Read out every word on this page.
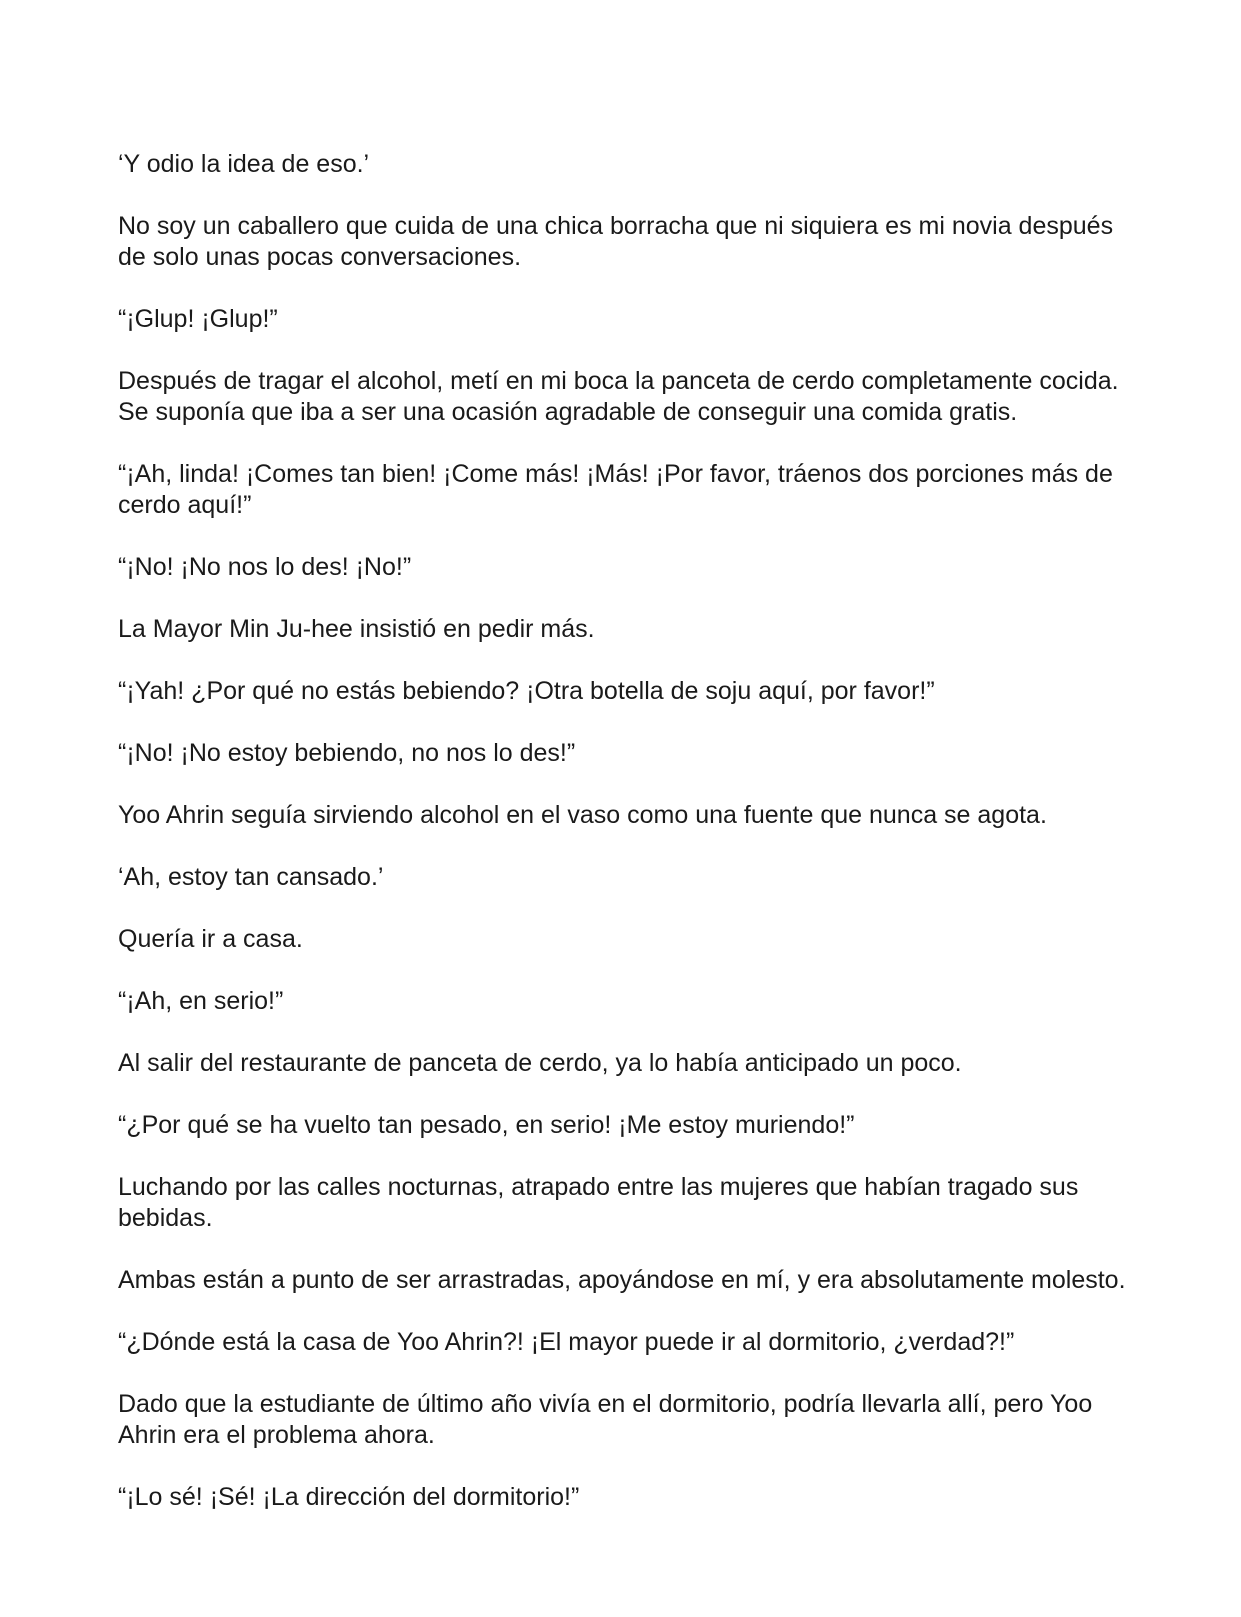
‘Y odio la idea de eso.’

No soy un caballero que cuida de una chica borracha que ni siquiera es mi novia después de solo unas pocas conversaciones.

“¡Glup! ¡Glup!”

Después de tragar el alcohol, metí en mi boca la panceta de cerdo completamente cocida. Se suponía que iba a ser una ocasión agradable de conseguir una comida gratis.

“¡Ah, linda! ¡Comes tan bien! ¡Come más! ¡Más! ¡Por favor, tráenos dos porciones más de cerdo aquí!”

“¡No! ¡No nos lo des! ¡No!”

La Mayor Min Ju-hee insistió en pedir más.

“¡Yah! ¿Por qué no estás bebiendo? ¡Otra botella de soju aquí, por favor!”

“¡No! ¡No estoy bebiendo, no nos lo des!”

Yoo Ahrin seguía sirviendo alcohol en el vaso como una fuente que nunca se agota.

‘Ah, estoy tan cansado.’

Quería ir a casa.

“¡Ah, en serio!”

Al salir del restaurante de panceta de cerdo, ya lo había anticipado un poco.

“¿Por qué se ha vuelto tan pesado, en serio! ¡Me estoy muriendo!”

Luchando por las calles nocturnas, atrapado entre las mujeres que habían tragado sus bebidas.

Ambas están a punto de ser arrastradas, apoyándose en mí, y era absolutamente molesto.

“¿Dónde está la casa de Yoo Ahrin?! ¡El mayor puede ir al dormitorio, ¿verdad?!”

Dado que la estudiante de último año vivía en el dormitorio, podría llevarla allí, pero Yoo Ahrin era el problema ahora.

“¡Lo sé! ¡Sé! ¡La dirección del dormitorio!”
